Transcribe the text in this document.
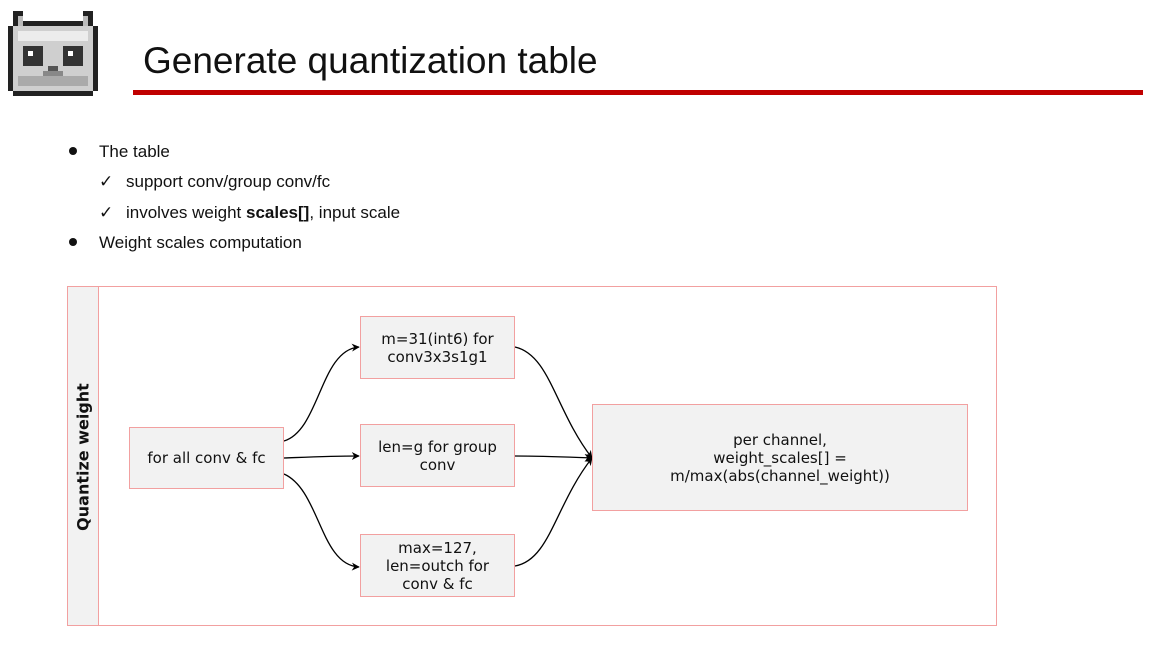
Generate quantization table
The table
✓ support conv/group conv/fc
✓ involves weight scales[], input scale
Weight scales computation
Quantize weight	for all conv & fc
m=31(int6) for
conv3x3s1g1
len=g for group
conv
max=127,
len=outch for
conv & fc
per channel,
weight_scales[] =
m/max(abs(channel_weight))
